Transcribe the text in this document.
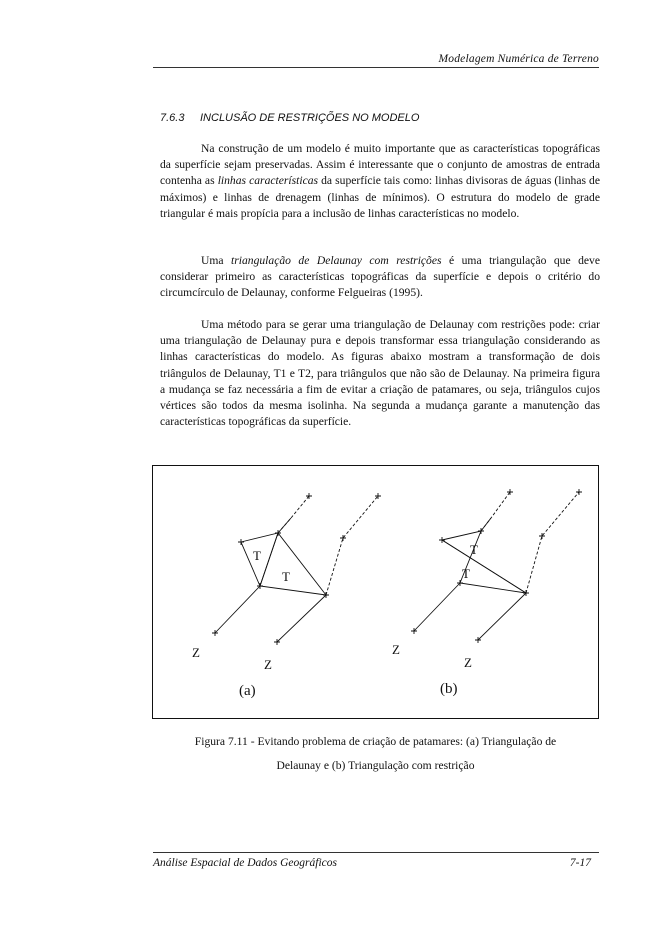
Modelagem Numérica de Terreno
7.6.3 INCLUSÃO DE RESTRIÇÕES NO MODELO

Na construção de um modelo é muito importante que as características topográficas da superfície sejam preservadas. Assim é interessante que o conjunto de amostras de entrada contenha as linhas características da superfície tais como: linhas divisoras de águas (linhas de máximos) e linhas de drenagem (linhas de mínimos). O estrutura do modelo de grade triangular é mais propícia para a inclusão de linhas características no modelo.

Uma triangulação de Delaunay com restrições é uma triangulação que deve considerar primeiro as características topográficas da superfície e depois o critério do circumcírculo de Delaunay, conforme Felgueiras (1995).

Uma método para se gerar uma triangulação de Delaunay com restrições pode: criar uma triangulação de Delaunay pura e depois transformar essa triangulação considerando as linhas características do modelo. As figuras abaixo mostram a transformação de dois triângulos de Delaunay, T1 e T2, para triângulos que não são de Delaunay. Na primeira figura a mudança se faz necessária a fim de evitar a criação de patamares, ou seja, triângulos cujos vértices são todos da mesma isolinha. Na segunda a mudança garante a manutenção das características topográficas da superfície.

T
T
Z
Z
(a)
T
T
Z
Z
(b)
Figura 7.11 - Evitando problema de criação de patamares: (a) Triangulação de
Delaunay e (b) Triangulação com restrição
Análise Espacial de Dados Geográficos	7-17
